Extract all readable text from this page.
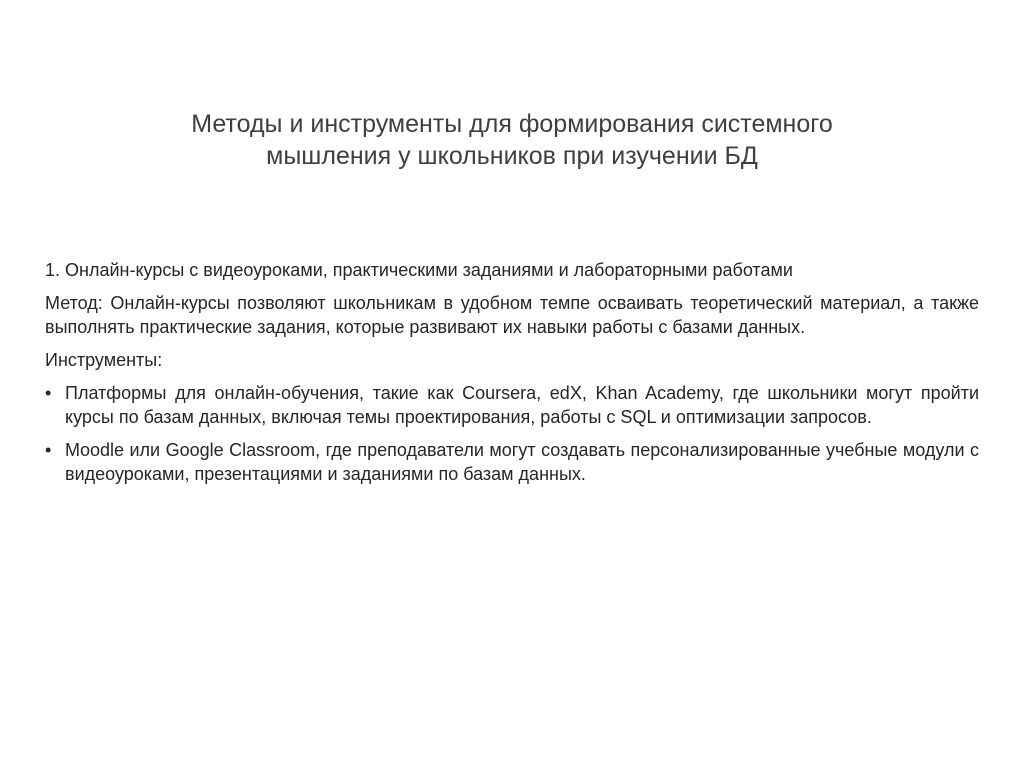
Методы и инструменты для формирования системного
мышления у школьников при изучении БД

1. Онлайн-курсы с видеоуроками, практическими заданиями и лабораторными работами

Метод: Онлайн-курсы позволяют школьникам в удобном темпе осваивать теоретический материал, а также выполнять практические задания, которые развивают их навыки работы с базами данных.

Инструменты:

• Платформы для онлайн-обучения, такие как Coursera, edX, Khan Academy, где школьники могут пройти курсы по базам данных, включая темы проектирования, работы с SQL и оптимизации запросов.
• Moodle или Google Classroom, где преподаватели могут создавать персонализированные учебные модули с видеоуроками, презентациями и заданиями по базам данных.
